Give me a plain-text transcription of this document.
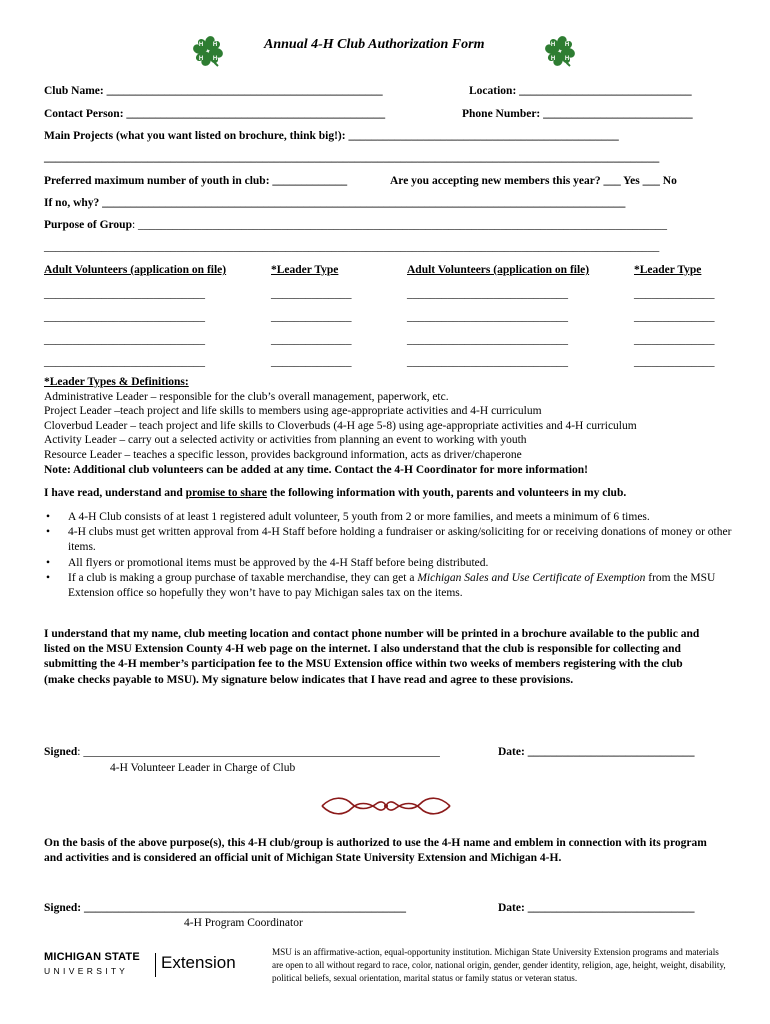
H H
H H
Annual 4-H Club Authorization Form	H H
H H
Club Name: ________________________________________________	Location: ______________________________
Contact Person: _____________________________________________	Phone Number: __________________________
Main Projects (what you want listed on brochure, think big!): _______________________________________________
___________________________________________________________________________________________________________
Preferred maximum number of youth in club: _____________	Are you accepting new members this year? ___ Yes ___ No
If no, why? ___________________________________________________________________________________________
Purpose of Group: ____________________________________________________________________________________________
___________________________________________________________________________________________________________
Adult Volunteers (application on file)	*Leader Type	Adult Volunteers (application on file)	*Leader Type
____________________________	______________	____________________________	______________
____________________________	______________	____________________________	______________
____________________________	______________	____________________________	______________
____________________________	______________	____________________________	______________
*Leader Types & Definitions:
Administrative Leader – responsible for the club’s overall management, paperwork, etc.
Project Leader –teach project and life skills to members using age-appropriate activities and 4-H curriculum
Cloverbud Leader – teach project and life skills to Cloverbuds (4-H age 5-8) using age-appropriate activities and 4-H curriculum
Activity Leader – carry out a selected activity or activities from planning an event to working with youth
Resource Leader – teaches a specific lesson, provides background information, acts as driver/chaperone
Note: Additional club volunteers can be added at any time. Contact the 4-H Coordinator for more information!
I have read, understand and promise to share the following information with youth, parents and volunteers in my club.
• A 4-H Club consists of at least 1 registered adult volunteer, 5 youth from 2 or more families, and meets a minimum of 6 times.
• 4-H clubs must get written approval from 4-H Staff before holding a fundraiser or asking/soliciting for or receiving donations of money or other items.
• All flyers or promotional items must be approved by the 4-H Staff before being distributed.
• If a club is making a group purchase of taxable merchandise, they can get a Michigan Sales and Use Certificate of Exemption from the MSU Extension office so hopefully they won’t have to pay Michigan sales tax on the items.
I understand that my name, club meeting location and contact phone number will be printed in a brochure available to the public and listed on the MSU Extension County 4-H web page on the internet. I also understand that the club is responsible for collecting and submitting the 4-H member’s participation fee to the MSU Extension office within two weeks of members registering with the club (make checks payable to MSU). My signature below indicates that I have read and agree to these provisions.
Signed: ______________________________________________________________	Date: _____________________________
4-H Volunteer Leader in Charge of Club
On the basis of the above purpose(s), this 4-H club/group is authorized to use the 4-H name and emblem in connection with its program and activities and is considered an official unit of Michigan State University Extension and Michigan 4-H.
Signed: ________________________________________________________	Date: _____________________________
4-H Program Coordinator
MICHIGAN STATE
U N I V E R S I T Y Extension
MSU is an affirmative-action, equal-opportunity institution. Michigan State University Extension programs and materials are open to all without regard to race, color, national origin, gender, gender identity, religion, age, height, weight, disability, political beliefs, sexual orientation, marital status or family status or veteran status.
